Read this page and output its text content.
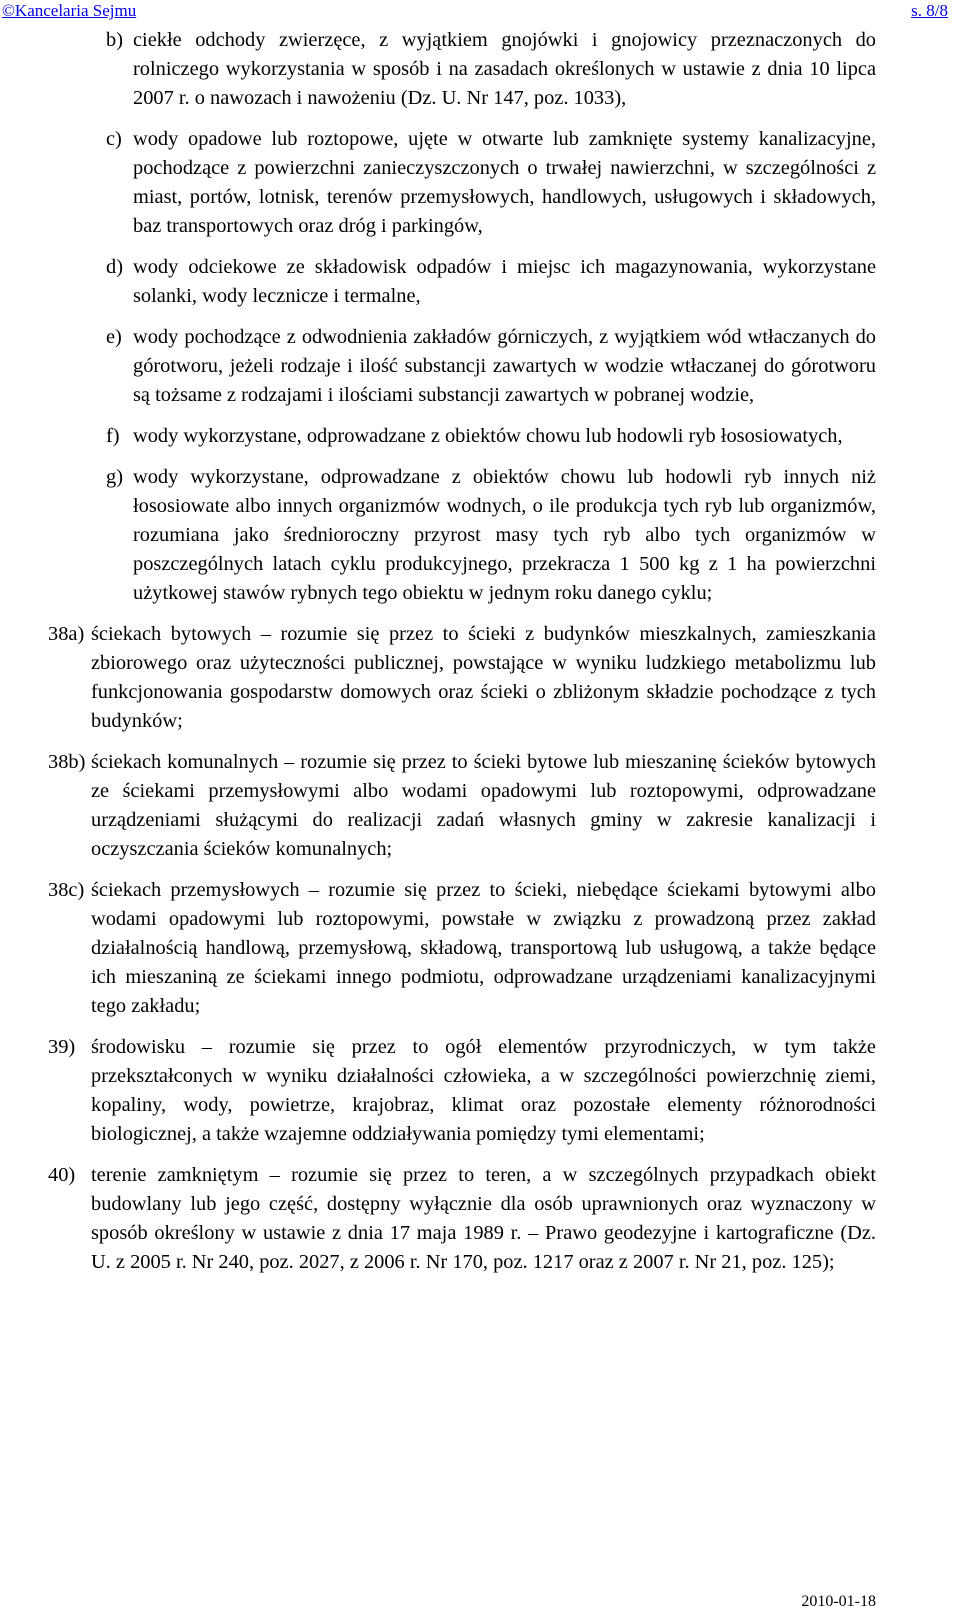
©Kancelaria Sejmu	s. 8/8
b) ciekłe odchody zwierzęce, z wyjątkiem gnojówki i gnojowicy przeznaczonych do rolniczego wykorzystania w sposób i na zasadach określonych w ustawie z dnia 10 lipca 2007 r. o nawozach i nawożeniu (Dz. U. Nr 147, poz. 1033),
c) wody opadowe lub roztopowe, ujęte w otwarte lub zamknięte systemy kanalizacyjne, pochodzące z powierzchni zanieczyszczonych o trwałej nawierzchni, w szczególności z miast, portów, lotnisk, terenów przemysłowych, handlowych, usługowych i składowych, baz transportowych oraz dróg i parkingów,
d) wody odciekowe ze składowisk odpadów i miejsc ich magazynowania, wykorzystane solanki, wody lecznicze i termalne,
e) wody pochodzące z odwodnienia zakładów górniczych, z wyjątkiem wód wtłaczanych do górotworu, jeżeli rodzaje i ilość substancji zawartych w wodzie wtłaczanej do górotworu są tożsame z rodzajami i ilościami substancji zawartych w pobranej wodzie,
f) wody wykorzystane, odprowadzane z obiektów chowu lub hodowli ryb łososiowatych,
g) wody wykorzystane, odprowadzane z obiektów chowu lub hodowli ryb innych niż łososiowate albo innych organizmów wodnych, o ile produkcja tych ryb lub organizmów, rozumiana jako średnioroczny przyrost masy tych ryb albo tych organizmów w poszczególnych latach cyklu produkcyjnego, przekracza 1 500 kg z 1 ha powierzchni użytkowej stawów rybnych tego obiektu w jednym roku danego cyklu;
38a) ściekach bytowych – rozumie się przez to ścieki z budynków mieszkalnych, zamieszkania zbiorowego oraz użyteczności publicznej, powstające w wyniku ludzkiego metabolizmu lub funkcjonowania gospodarstw domowych oraz ścieki o zbliżonym składzie pochodzące z tych budynków;
38b) ściekach komunalnych – rozumie się przez to ścieki bytowe lub mieszaninę ścieków bytowych ze ściekami przemysłowymi albo wodami opadowymi lub roztopowymi, odprowadzane urządzeniami służącymi do realizacji zadań własnych gminy w zakresie kanalizacji i oczyszczania ścieków komunalnych;
38c) ściekach przemysłowych – rozumie się przez to ścieki, niebędące ściekami bytowymi albo wodami opadowymi lub roztopowymi, powstałe w związku z prowadzoną przez zakład działalnością handlową, przemysłową, składową, transportową lub usługową, a także będące ich mieszaniną ze ściekami innego podmiotu, odprowadzane urządzeniami kanalizacyjnymi tego zakładu;
39) środowisku – rozumie się przez to ogół elementów przyrodniczych, w tym także przekształconych w wyniku działalności człowieka, a w szczególności powierzchnię ziemi, kopaliny, wody, powietrze, krajobraz, klimat oraz pozostałe elementy różnorodności biologicznej, a także wzajemne oddziaływania pomiędzy tymi elementami;
40) terenie zamkniętym – rozumie się przez to teren, a w szczególnych przypadkach obiekt budowlany lub jego część, dostępny wyłącznie dla osób uprawnionych oraz wyznaczony w sposób określony w ustawie z dnia 17 maja 1989 r. – Prawo geodezyjne i kartograficzne (Dz. U. z 2005 r. Nr 240, poz. 2027, z 2006 r. Nr 170, poz. 1217 oraz z 2007 r. Nr 21, poz. 125);
2010-01-18
